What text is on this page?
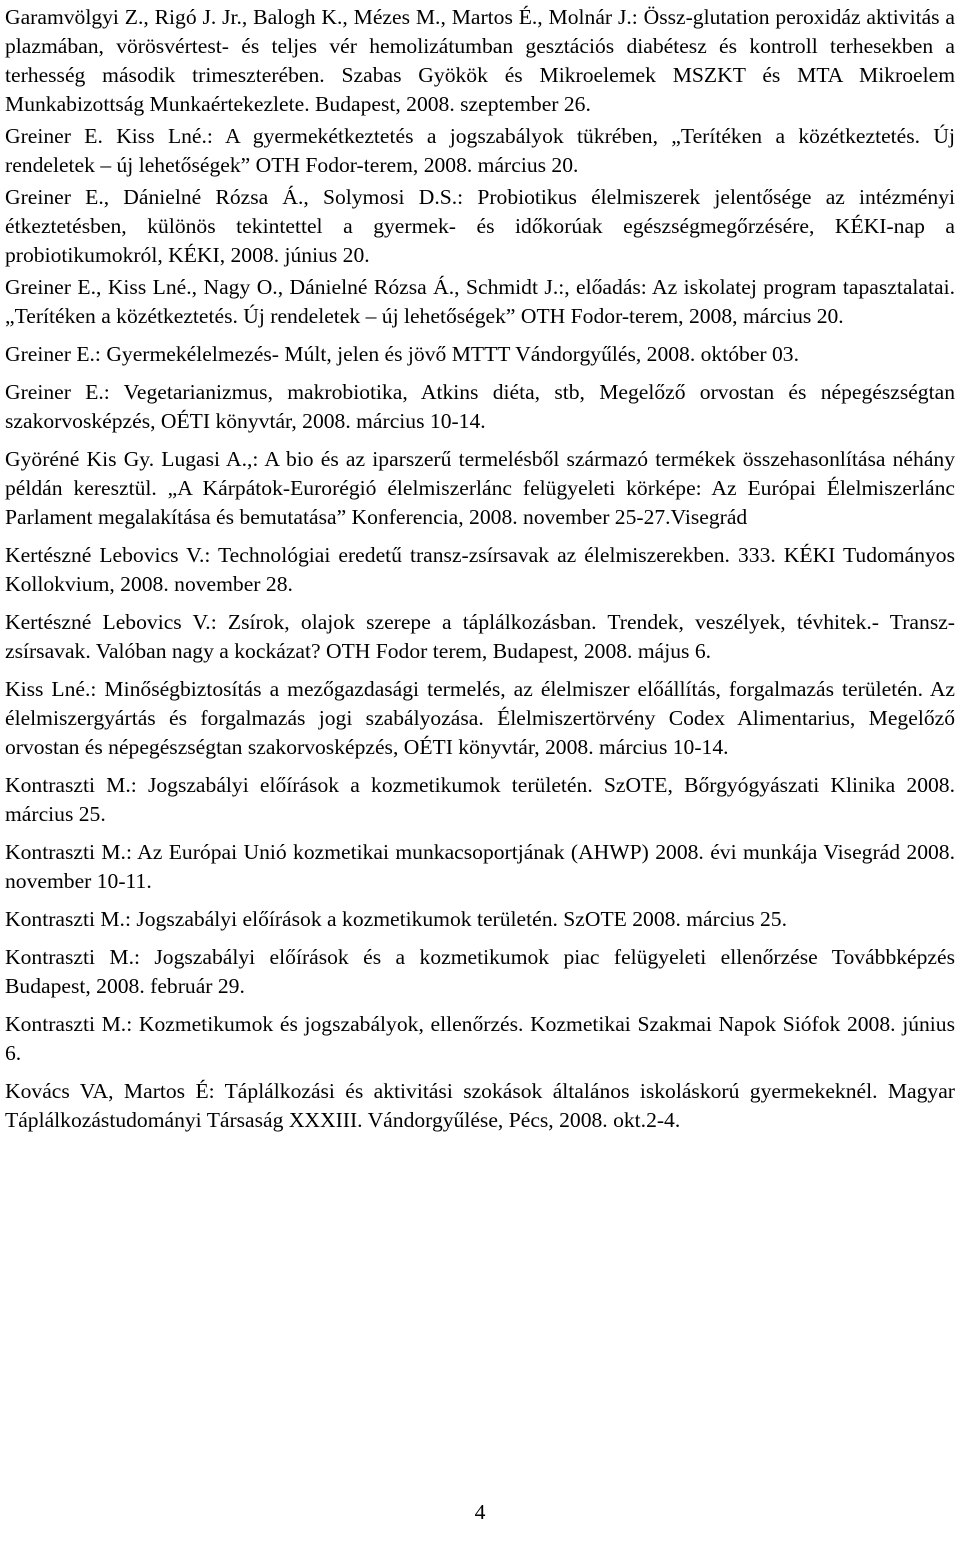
Garamvölgyi Z., Rigó J. Jr., Balogh K., Mézes M., Martos É., Molnár J.: Össz-glutation peroxidáz aktivitás a plazmában, vörösvértest- és teljes vér hemolizátumban gesztációs diabétesz és kontroll terhesekben a terhesség második trimeszterében. Szabas Gyökök és Mikroelemek MSZKT és MTA Mikroelem Munkabizottság Munkaértekezlete. Budapest, 2008. szeptember 26.

Greiner E. Kiss Lné.: A gyermekétkeztetés a jogszabályok tükrében, „Terítéken a közétkeztetés. Új rendeletek – új lehetőségek” OTH Fodor-terem, 2008. március 20.

Greiner E., Dánielné Rózsa Á., Solymosi D.S.: Probiotikus élelmiszerek jelentősége az intézményi étkeztetésben, különös tekintettel a gyermek- és időkorúak egészségmegőrzésére, KÉKI-nap a probiotikumokról, KÉKI, 2008. június 20.

Greiner E., Kiss Lné., Nagy O., Dánielné Rózsa Á., Schmidt J.:, előadás: Az iskolatej program tapasztalatai. „Terítéken a közétkeztetés. Új rendeletek – új lehetőségek” OTH Fodor-terem, 2008, március 20.

Greiner E.: Gyermekélelmezés- Múlt, jelen és jövő MTTT Vándorgyűlés, 2008. október 03.

Greiner E.: Vegetarianizmus, makrobiotika, Atkins diéta, stb, Megelőző orvostan és népegészségtan szakorvosképzés, OÉTI könyvtár, 2008. március 10-14.

Györéné Kis Gy. Lugasi A.,: A bio és az iparszerű termelésből származó termékek összehasonlítása néhány példán keresztül. „A Kárpátok-Eurorégió élelmiszerlánc felügyeleti körképe: Az Európai Élelmiszerlánc Parlament megalakítása és bemutatása” Konferencia, 2008. november 25-27.Visegrád

Kertészné Lebovics V.: Technológiai eredetű transz-zsírsavak az élelmiszerekben. 333. KÉKI Tudományos Kollokvium, 2008. november 28.

Kertészné Lebovics V.: Zsírok, olajok szerepe a táplálkozásban. Trendek, veszélyek, tévhitek.- Transz-zsírsavak. Valóban nagy a kockázat? OTH Fodor terem, Budapest, 2008. május 6.

Kiss Lné.: Minőségbiztosítás a mezőgazdasági termelés, az élelmiszer előállítás, forgalmazás területén. Az élelmiszergyártás és forgalmazás jogi szabályozása. Élelmiszertörvény Codex Alimentarius, Megelőző orvostan és népegészségtan szakorvosképzés, OÉTI könyvtár, 2008. március 10-14.

Kontraszti M.: Jogszabályi előírások a kozmetikumok területén. SzOTE, Bőrgyógyászati Klinika 2008. március 25.

Kontraszti M.: Az Európai Unió kozmetikai munkacsoportjának (AHWP) 2008. évi munkája Visegrád 2008. november 10-11.

Kontraszti M.: Jogszabályi előírások a kozmetikumok területén. SzOTE 2008. március 25.

Kontraszti M.: Jogszabályi előírások és a kozmetikumok piac felügyeleti ellenőrzése Továbbképzés Budapest, 2008. február 29.

Kontraszti M.: Kozmetikumok és jogszabályok, ellenőrzés. Kozmetikai Szakmai Napok Siófok 2008. június 6.

Kovács VA, Martos É: Táplálkozási és aktivitási szokások általános iskoláskorú gyermekeknél. Magyar Táplálkozástudományi Társaság XXXIII. Vándorgyűlése, Pécs, 2008. okt.2-4.

4
